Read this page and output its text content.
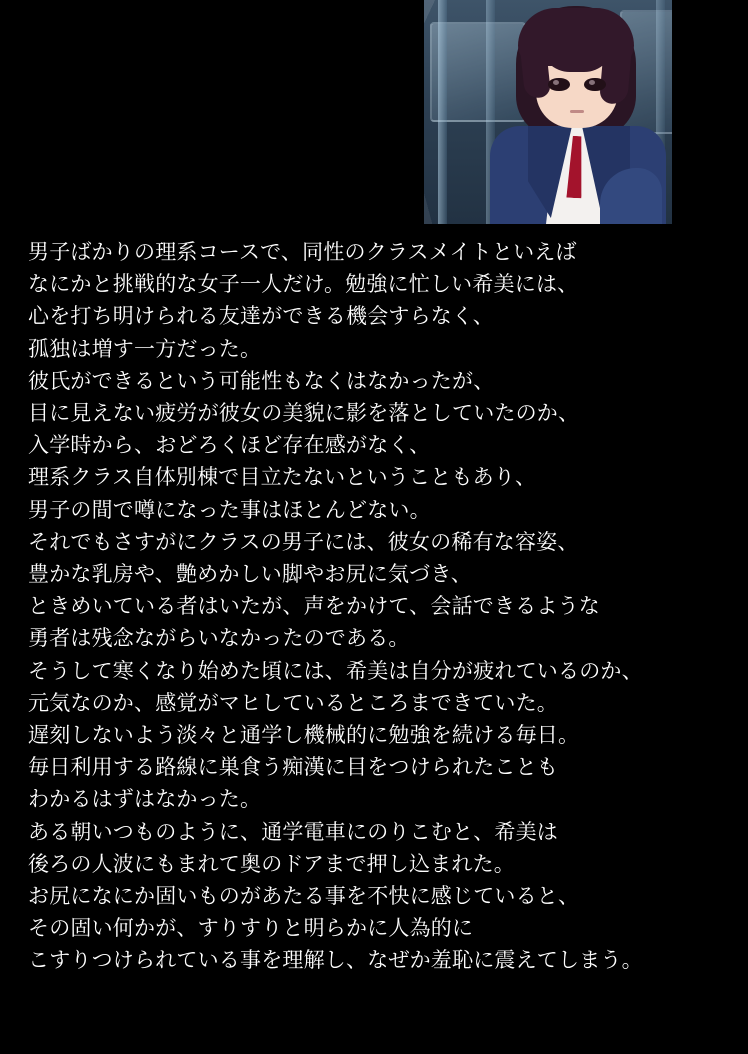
男子ばかりの理系コースで、同性のクラスメイトといえば
なにかと挑戦的な女子一人だけ。勉強に忙しい希美には、
心を打ち明けられる友達ができる機会すらなく、
孤独は増す一方だった。
彼氏ができるという可能性もなくはなかったが、
目に見えない疲労が彼女の美貌に影を落としていたのか、
入学時から、おどろくほど存在感がなく、
理系クラス自体別棟で目立たないということもあり、
男子の間で噂になった事はほとんどない。
それでもさすがにクラスの男子には、彼女の稀有な容姿、
豊かな乳房や、艶めかしい脚やお尻に気づき、
ときめいている者はいたが、声をかけて、会話できるような
勇者は残念ながらいなかったのである。
そうして寒くなり始めた頃には、希美は自分が疲れているのか、
元気なのか、感覚がマヒしているところまできていた。
遅刻しないよう淡々と通学し機械的に勉強を続ける毎日。
毎日利用する路線に巣食う痴漢に目をつけられたことも
わかるはずはなかった。
ある朝いつものように、通学電車にのりこむと、希美は
後ろの人波にもまれて奥のドアまで押し込まれた。
お尻になにか固いものがあたる事を不快に感じていると、
その固い何かが、すりすりと明らかに人為的に
こすりつけられている事を理解し、なぜか羞恥に震えてしまう。
